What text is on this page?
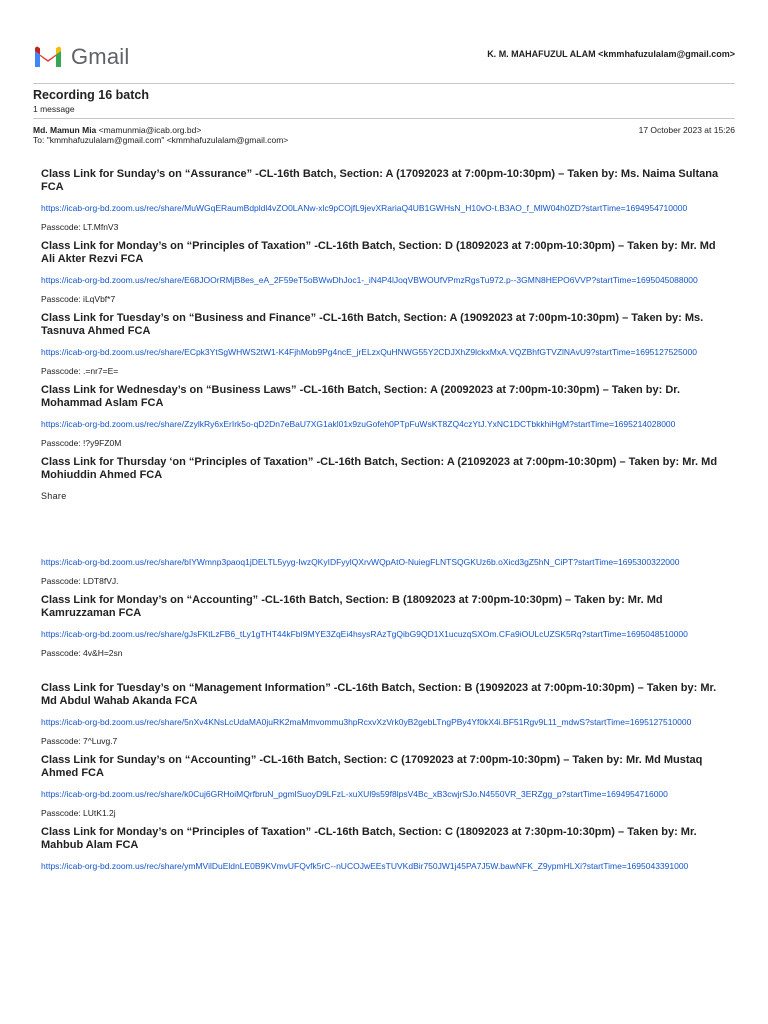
Gmail	K. M. MAHAFUZUL ALAM <kmmhafuzulalam@gmail.com>
Recording 16 batch
1 message
Md. Mamun Mia <mamunmia@icab.org.bd>
To: "kmmhafuzulalam@gmail.com" <kmmhafuzulalam@gmail.com>
17 October 2023 at 15:26
Class Link for Sunday’s on “Assurance” -CL-16th Batch, Section: A (17092023 at 7:00pm-10:30pm) – Taken by: Ms. Naima Sultana FCA
https://icab-org-bd.zoom.us/rec/share/MuWGqERaumBdpldl4vZO0LANw-xlc9pCOjfL9jevXRariaQ4UB1GWHsN_H10vO-t.B3AO_f_MlW04h0ZD?startTime=1694954710000
Passcode: LT.MfnV3
Class Link for Monday’s on “Principles of Taxation” -CL-16th Batch, Section: D (18092023 at 7:00pm-10:30pm) – Taken by: Mr. Md Ali Akter Rezvi FCA
https://icab-org-bd.zoom.us/rec/share/E68JOOrRMjB8es_eA_2F59eT5oBWwDhJoc1-_iN4P4lJoqVBWOUfVPmzRgsTu972.p--3GMN8HEPO6VVP?startTime=1695045088000
Passcode: iLqVbf*7
Class Link for Tuesday’s on “Business and Finance” -CL-16th Batch, Section: A (19092023 at 7:00pm-10:30pm) – Taken by: Ms. Tasnuva Ahmed FCA
https://icab-org-bd.zoom.us/rec/share/ECpk3YtSgWHWS2tW1-K4FjhMob9Pg4ncE_jrELzxQuHNWG55Y2CDJXhZ9lckxMxA.VQZBhfGTVZlNAvU9?startTime=1695127525000
Passcode: .=nr7=E=
Class Link for Wednesday’s on “Business Laws” -CL-16th Batch, Section: A (20092023 at 7:00pm-10:30pm) – Taken by: Dr. Mohammad Aslam FCA
https://icab-org-bd.zoom.us/rec/share/ZzylkRy6xErIrk5o-qD2Dn7eBaU7XG1akl01x9zuGofeh0PTpFuWsKT8ZQ4czYtJ.YxNC1DCTbkkhiHgM?startTime=1695214028000
Passcode: !?y9FZ0M
Class Link for Thursday ‘on “Principles of Taxation” -CL-16th Batch, Section: A (21092023 at 7:00pm-10:30pm) – Taken by: Mr. Md Mohiuddin Ahmed FCA
Share
https://icab-org-bd.zoom.us/rec/share/bIYWmnp3paoq1jDELTL5yyg-IwzQKyIDFyylQXrvWQpAtO-NuiegFLNTSQGKUz6b.oXicd3gZ5hN_CiPT?startTime=1695300322000
Passcode: LDT8fVJ.
Class Link for Monday’s on “Accounting” -CL-16th Batch, Section: B (18092023 at 7:00pm-10:30pm) – Taken by: Mr. Md Kamruzzaman FCA
https://icab-org-bd.zoom.us/rec/share/gJsFKtLzFB6_tLy1gTHT44kFbI9MYE3ZqEi4hsysRAzTgQibG9QD1X1ucuzqSXOm.CFa9iOULcUZSK5Rq?startTime=1695048510000
Passcode: 4v&H=2sn
Class Link for Tuesday’s on “Management Information” -CL-16th Batch, Section: B (19092023 at 7:00pm-10:30pm) – Taken by: Mr. Md Abdul Wahab Akanda FCA
https://icab-org-bd.zoom.us/rec/share/5nXv4KNsLcUdaMA0juRK2maMmvommu3hpRcxvXzVrk0yB2gebLTngPBy4Yf0kX4i.BF51Rgv9L11_mdwS?startTime=1695127510000
Passcode: 7^Luvg.7
Class Link for Sunday’s on “Accounting” -CL-16th Batch, Section: C (17092023 at 7:00pm-10:30pm) – Taken by: Mr. Md Mustaq Ahmed FCA
https://icab-org-bd.zoom.us/rec/share/k0Cuj6GRHoiMQrfbruN_pgmlSuoyD9LFzL-xuXUl9s59f8lpsV4Bc_xB3cwjrSJo.N4550VR_3ERZgg_p?startTime=1694954716000
Passcode: LUtK1.2j
Class Link for Monday’s on “Principles of Taxation” -CL-16th Batch, Section: C (18092023 at 7:30pm-10:30pm) – Taken by: Mr. Mahbub Alam FCA
https://icab-org-bd.zoom.us/rec/share/ymMVilDuEldnLE0B9KVmvUFQvfk5rC--nUCOJwEEsTUVKdBir750JW1j45PA7J5W.bawNFK_Z9ypmHLXi?startTime=1695043391000
